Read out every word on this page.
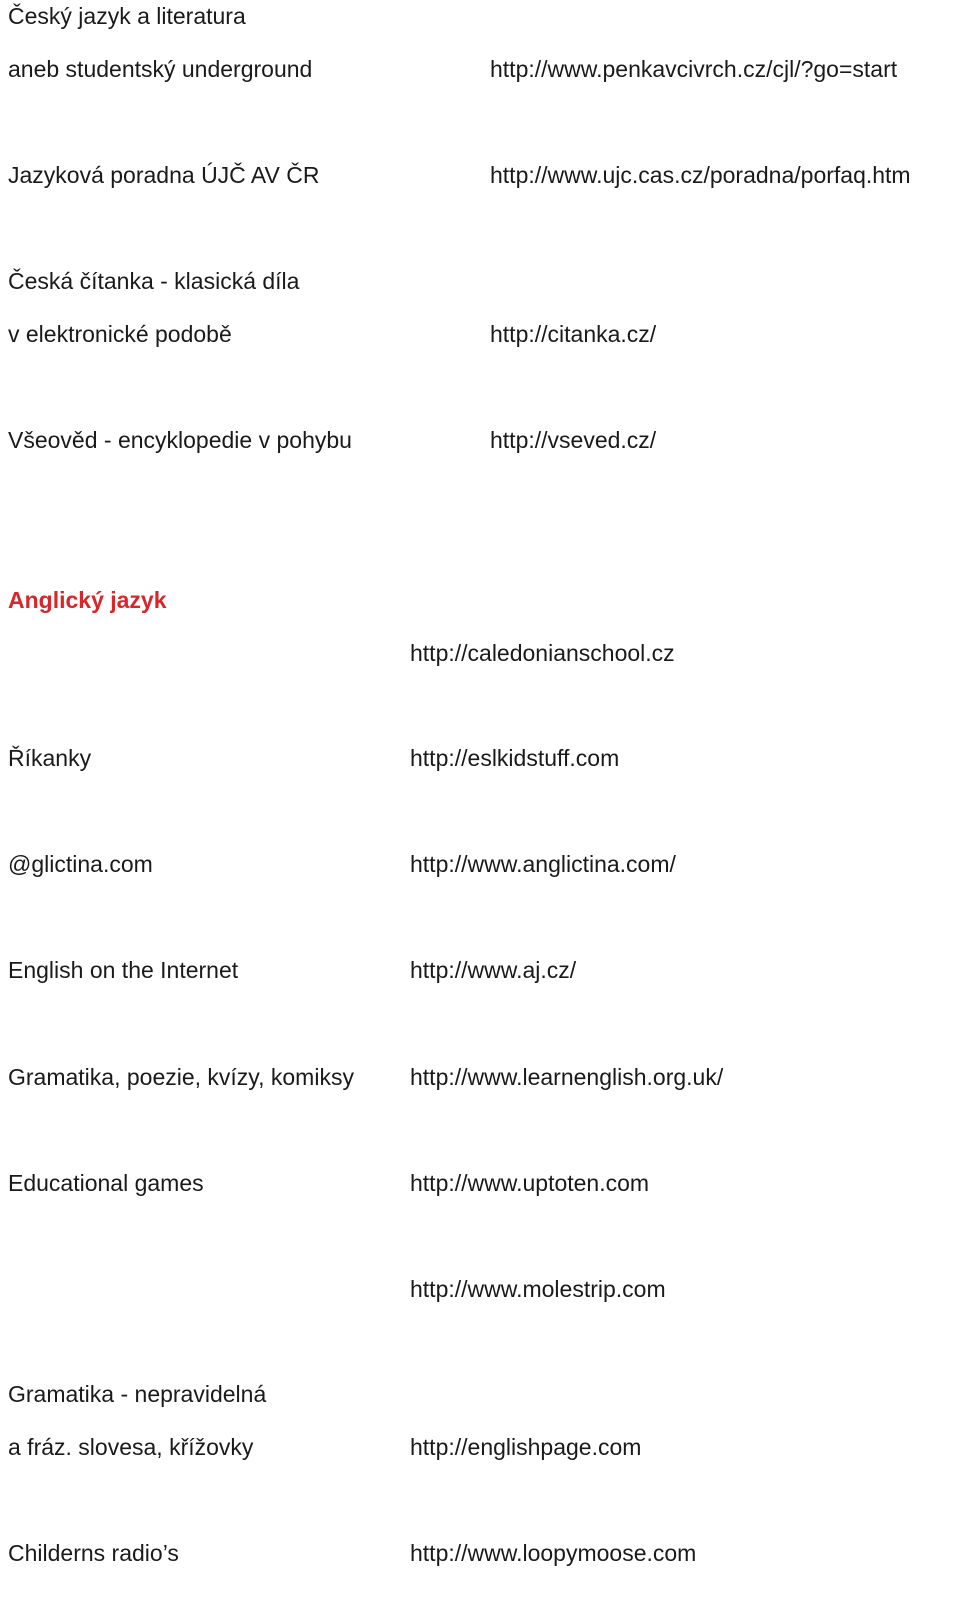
Český jazyk a literatura
aneb studentský underground	http://www.penkavcivrch.cz/cjl/?go=start
Jazyková poradna ÚJČ AV ČR	http://www.ujc.cas.cz/poradna/porfaq.htm
Česká čítanka - klasická díla
v elektronické podobě	http://citanka.cz/
Všeověd - encyklopedie v pohybu	http://vseved.cz/
Anglický jazyk
http://caledonianschool.cz
Říkanky	http://eslkidstuff.com
@glictina.com	http://www.anglictina.com/
English on the Internet	http://www.aj.cz/
Gramatika, poezie, kvízy, komiksy http://www.learnenglish.org.uk/
Educational games	http://www.uptoten.com
http://www.molestrip.com
Gramatika - nepravidelná
a fráz. slovesa, křížovky	http://englishpage.com
Childerns radio’s	http://www.loopymoose.com
